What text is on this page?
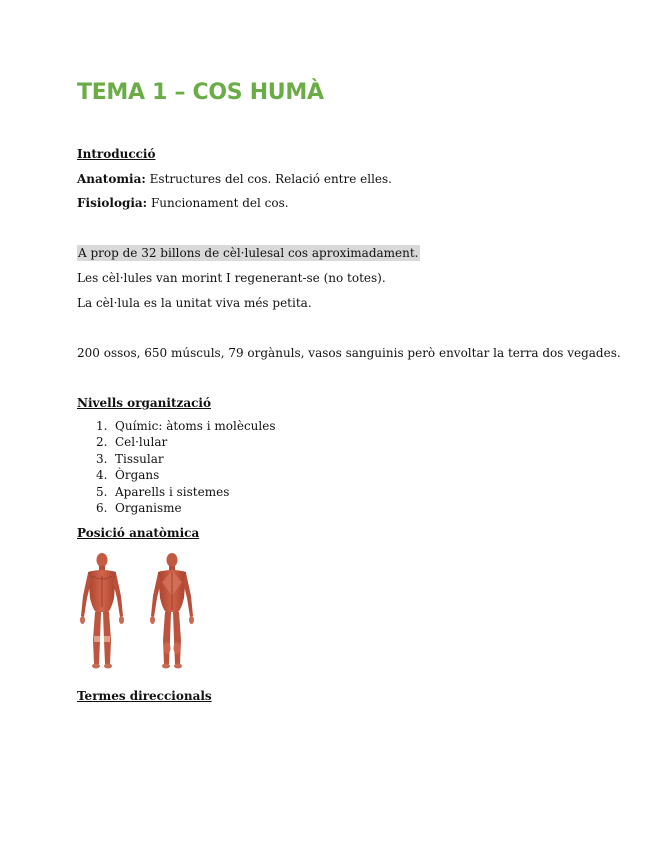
TEMA 1 – COS HUMÀ
Introducció
Anatomia: Estructures del cos. Relació entre elles.
Fisiologia: Funcionament del cos.
A prop de 32 billons de cèl·lulesal cos aproximadament.
Les cèl·lules van morint I regenerant-se (no totes).
La cèl·lula es la unitat viva més petita.
200 ossos, 650 músculs, 79 orgànuls, vasos sanguinis però envoltar la terra dos vegades.
Nivells organització
1. Químic: àtoms i molècules
2. Cel·lular
3. Tissular
4. Òrgans
5. Aparells i sistemes
6. Organisme
Posició anatòmica
Termes direccionals
